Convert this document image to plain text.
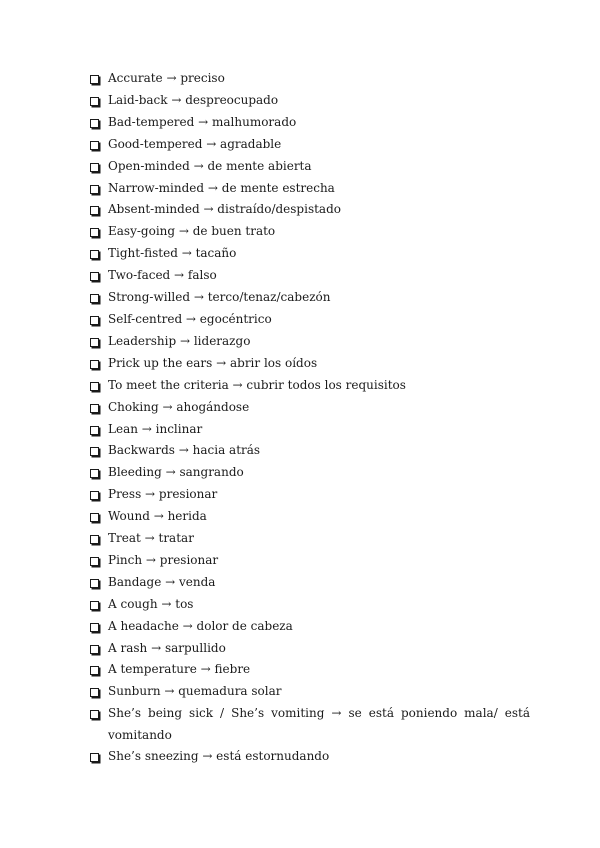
Accurate → preciso
Laid-back → despreocupado
Bad-tempered → malhumorado
Good-tempered → agradable
Open-minded → de mente abierta
Narrow-minded → de mente estrecha
Absent-minded → distraído/despistado
Easy-going → de buen trato
Tight-fisted → tacaño
Two-faced → falso
Strong-willed → terco/tenaz/cabezón
Self-centred → egocéntrico
Leadership → liderazgo
Prick up the ears → abrir los oídos
To meet the criteria → cubrir todos los requisitos
Choking → ahogándose
Lean → inclinar
Backwards → hacia atrás
Bleeding → sangrando
Press → presionar
Wound → herida
Treat → tratar
Pinch → presionar
Bandage → venda
A cough → tos
A headache → dolor de cabeza
A rash → sarpullido
A temperature → fiebre
Sunburn → quemadura solar
She’s being sick / She’s vomiting → se está poniendo mala/ está vomitando
She’s sneezing → está estornudando
